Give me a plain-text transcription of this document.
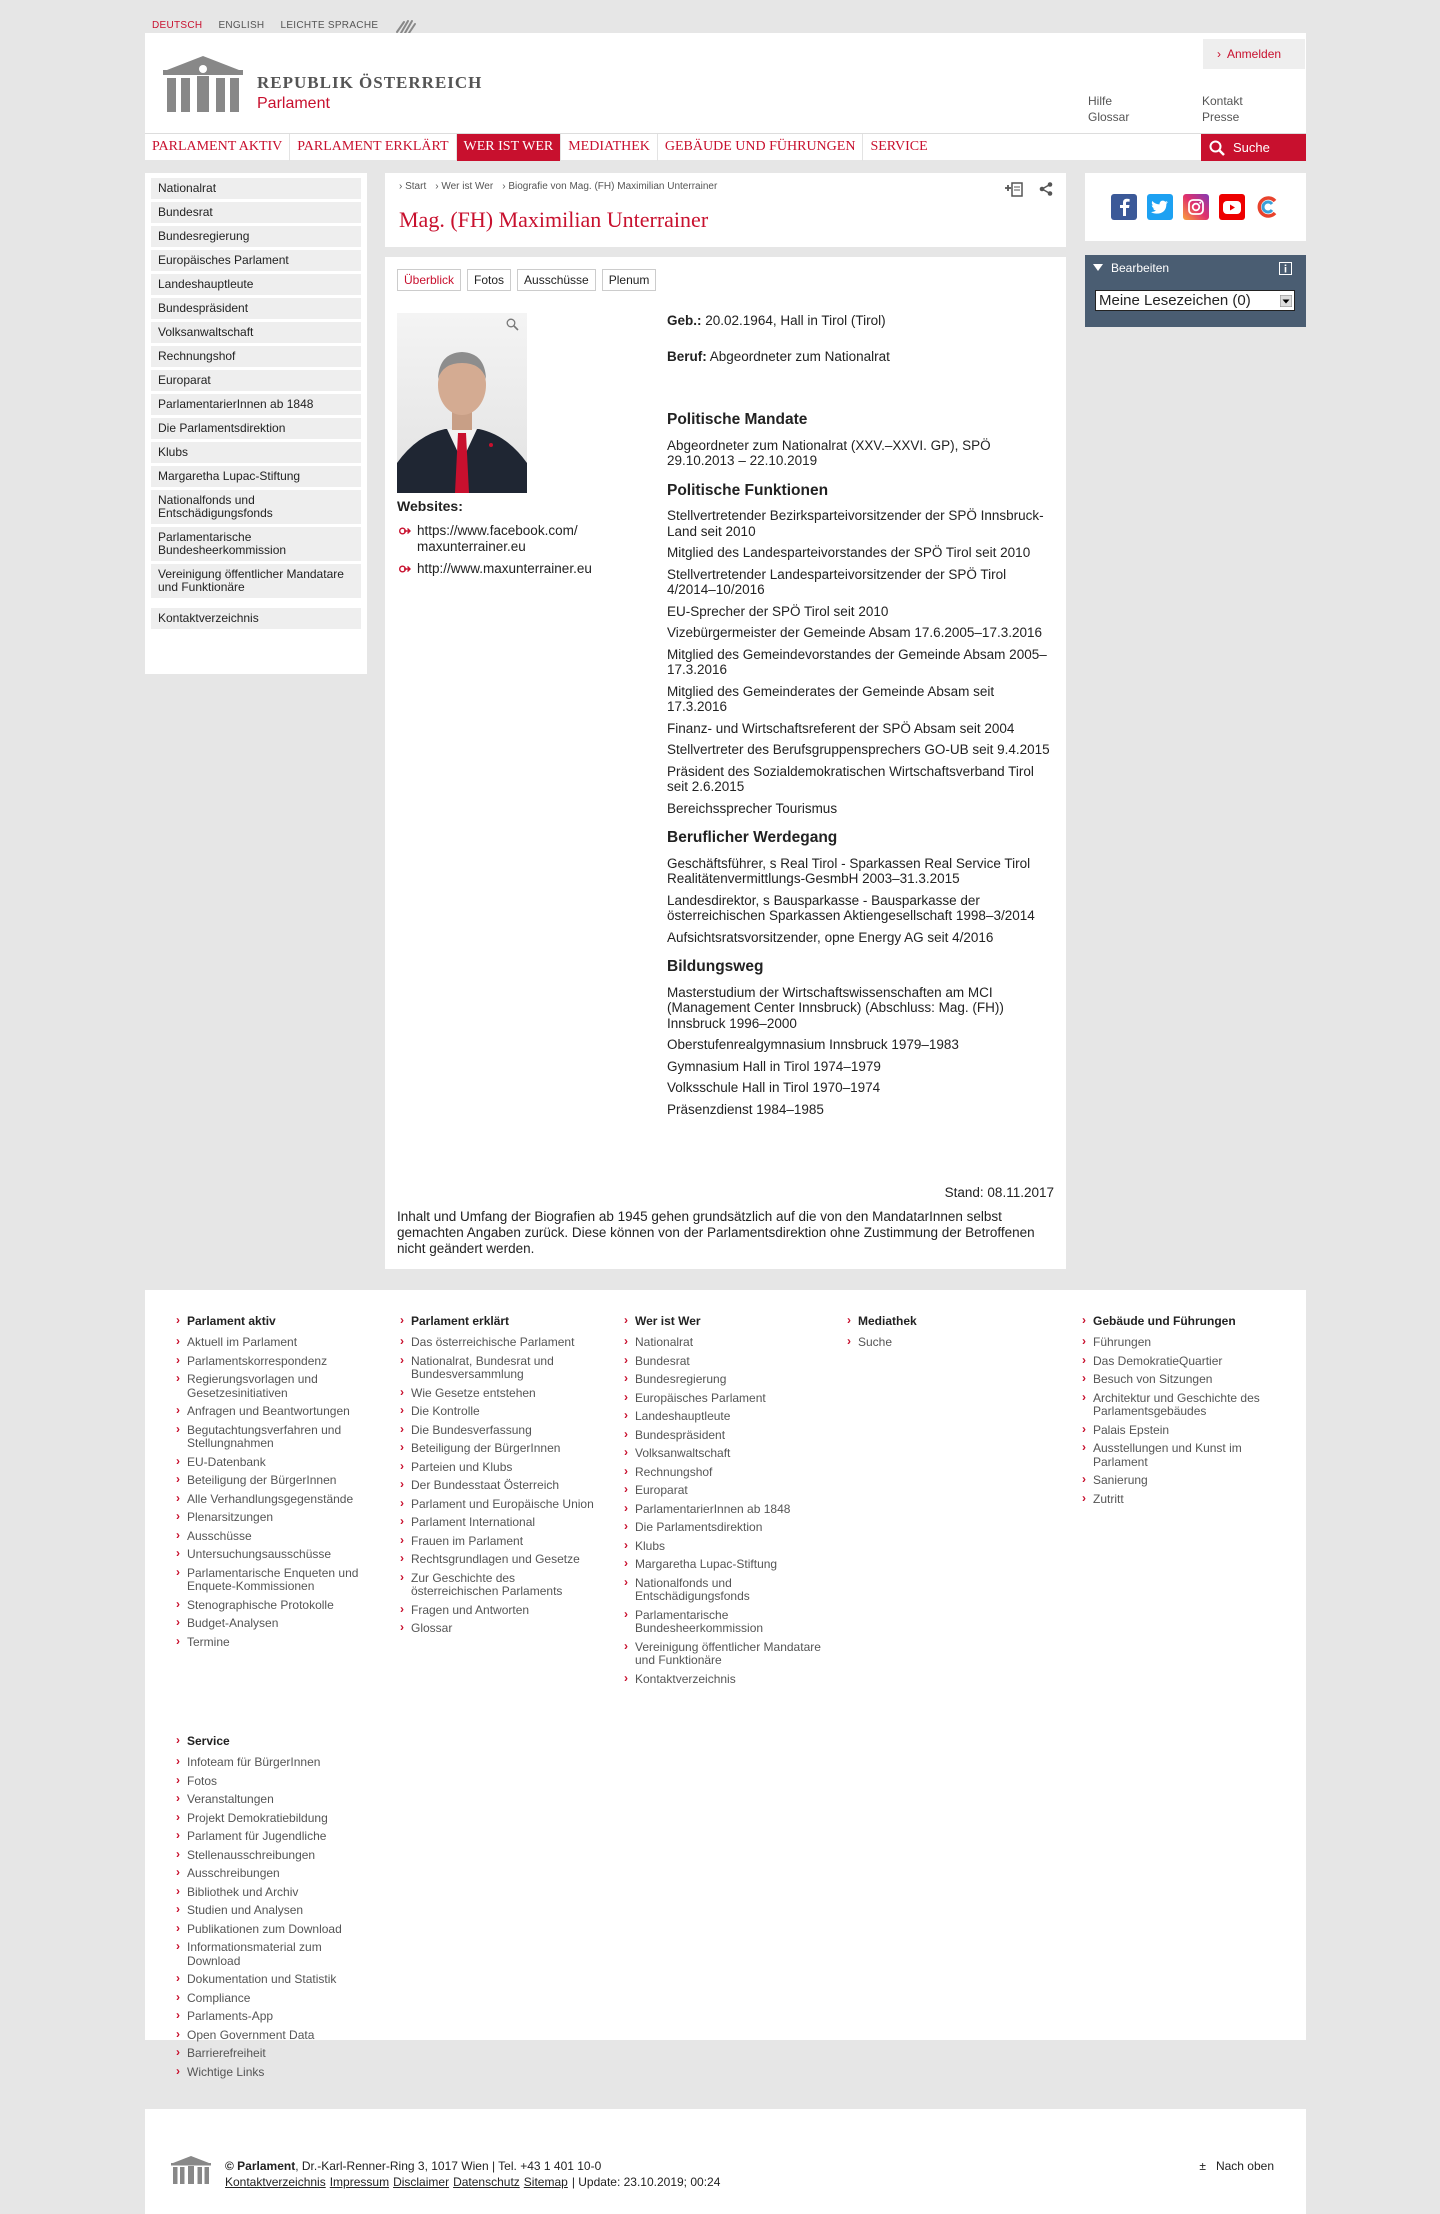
DEUTSCH ENGLISH LEICHTE SPRACHE
REPUBLIK ÖSTERREICH
Parlament
› Anmelden
Hilfe
Glossar
Kontakt
Presse
PARLAMENT AKTIV	PARLAMENT ERKLÄRT	WER IST WER	MEDIATHEK	GEBÄUDE UND FÜHRUNGEN	SERVICE	Suche
Nationalrat
Bundesrat
Bundesregierung
Europäisches Parlament
Landeshauptleute
Bundespräsident
Volksanwaltschaft
Rechnungshof
Europarat
ParlamentarierInnen ab 1848
Die Parlamentsdirektion
Klubs
Margaretha Lupac-Stiftung
Nationalfonds und Entschädigungsfonds
Parlamentarische Bundesheerkommission
Vereinigung öffentlicher Mandatare und Funktionäre
Kontaktverzeichnis
› Start	› Wer ist Wer	› Biografie von Mag. (FH) Maximilian Unterrainer
Mag. (FH) Maximilian Unterrainer
Überblick	Fotos	Ausschüsse	Plenum
Websites:
https://www.facebook.com/ maxunterrainer.eu
http://www.maxunterrainer.eu
Geb.: 20.02.1964, Hall in Tirol (Tirol)
Beruf: Abgeordneter zum Nationalrat
Politische Mandate
Abgeordneter zum Nationalrat (XXV.–XXVI. GP), SPÖ 29.10.2013 – 22.10.2019
Politische Funktionen
Stellvertretender Bezirksparteivorsitzender der SPÖ Innsbruck-Land seit 2010
Mitglied des Landesparteivorstandes der SPÖ Tirol seit 2010
Stellvertretender Landesparteivorsitzender der SPÖ Tirol 4/2014–10/2016
EU-Sprecher der SPÖ Tirol seit 2010
Vizebürgermeister der Gemeinde Absam 17.6.2005–17.3.2016
Mitglied des Gemeindevorstandes der Gemeinde Absam 2005–17.3.2016
Mitglied des Gemeinderates der Gemeinde Absam seit 17.3.2016
Finanz- und Wirtschaftsreferent der SPÖ Absam seit 2004
Stellvertreter des Berufsgruppensprechers GO-UB seit 9.4.2015
Präsident des Sozialdemokratischen Wirtschaftsverband Tirol seit 2.6.2015
Bereichssprecher Tourismus
Beruflicher Werdegang
Geschäftsführer, s Real Tirol - Sparkassen Real Service Tirol Realitätenvermittlungs-GesmbH 2003–31.3.2015
Landesdirektor, s Bausparkasse - Bausparkasse der österreichischen Sparkassen Aktiengesellschaft 1998–3/2014
Aufsichtsratsvorsitzender, opne Energy AG seit 4/2016
Bildungsweg
Masterstudium der Wirtschaftswissenschaften am MCI (Management Center Innsbruck) (Abschluss: Mag. (FH)) Innsbruck 1996–2000
Oberstufenrealgymnasium Innsbruck 1979–1983
Gymnasium Hall in Tirol 1974–1979
Volksschule Hall in Tirol 1970–1974
Präsenzdienst 1984–1985
Stand: 08.11.2017
Inhalt und Umfang der Biografien ab 1945 gehen grundsätzlich auf die von den MandatarInnen selbst gemachten Angaben zurück. Diese können von der Parlamentsdirektion ohne Zustimmung der Betroffenen nicht geändert werden.
Bearbeiten
Meine Lesezeichen (0)
› Parlament aktiv
› Aktuell im Parlament
› Parlamentskorrespondenz
› Regierungsvorlagen und Gesetzesinitiativen
› Anfragen und Beantwortungen
› Begutachtungsverfahren und Stellungnahmen
› EU-Datenbank
› Beteiligung der BürgerInnen
› Alle Verhandlungsgegenstände
› Plenarsitzungen
› Ausschüsse
› Untersuchungsausschüsse
› Parlamentarische Enqueten und Enquete-Kommissionen
› Stenographische Protokolle
› Budget-Analysen
› Termine
› Parlament erklärt
› Das österreichische Parlament
› Nationalrat, Bundesrat und Bundesversammlung
› Wie Gesetze entstehen
› Die Kontrolle
› Die Bundesverfassung
› Beteiligung der BürgerInnen
› Parteien und Klubs
› Der Bundesstaat Österreich
› Parlament und Europäische Union
› Parlament International
› Frauen im Parlament
› Rechtsgrundlagen und Gesetze
› Zur Geschichte des österreichischen Parlaments
› Fragen und Antworten
› Glossar
› Wer ist Wer
› Nationalrat
› Bundesrat
› Bundesregierung
› Europäisches Parlament
› Landeshauptleute
› Bundespräsident
› Volksanwaltschaft
› Rechnungshof
› Europarat
› ParlamentarierInnen ab 1848
› Die Parlamentsdirektion
› Klubs
› Margaretha Lupac-Stiftung
› Nationalfonds und Entschädigungsfonds
› Parlamentarische Bundesheerkommission
› Vereinigung öffentlicher Mandatare und Funktionäre
› Kontaktverzeichnis
› Mediathek
› Suche
› Gebäude und Führungen
› Führungen
› Das DemokratieQuartier
› Besuch von Sitzungen
› Architektur und Geschichte des Parlamentsgebäudes
› Palais Epstein
› Ausstellungen und Kunst im Parlament
› Sanierung
› Zutritt
› Service
› Infoteam für BürgerInnen
› Fotos
› Veranstaltungen
› Projekt Demokratiebildung
› Parlament für Jugendliche
› Stellenausschreibungen
› Ausschreibungen
› Bibliothek und Archiv
› Studien und Analysen
› Publikationen zum Download
› Informationsmaterial zum Download
› Dokumentation und Statistik
› Compliance
› Parlaments-App
› Open Government Data
› Barrierefreiheit
› Wichtige Links
© Parlament, Dr.-Karl-Renner-Ring 3, 1017 Wien | Tel. +43 1 401 10-0
Kontaktverzeichnis Impressum Disclaimer Datenschutz Sitemap | Update: 23.10.2019; 00:24
± Nach oben
